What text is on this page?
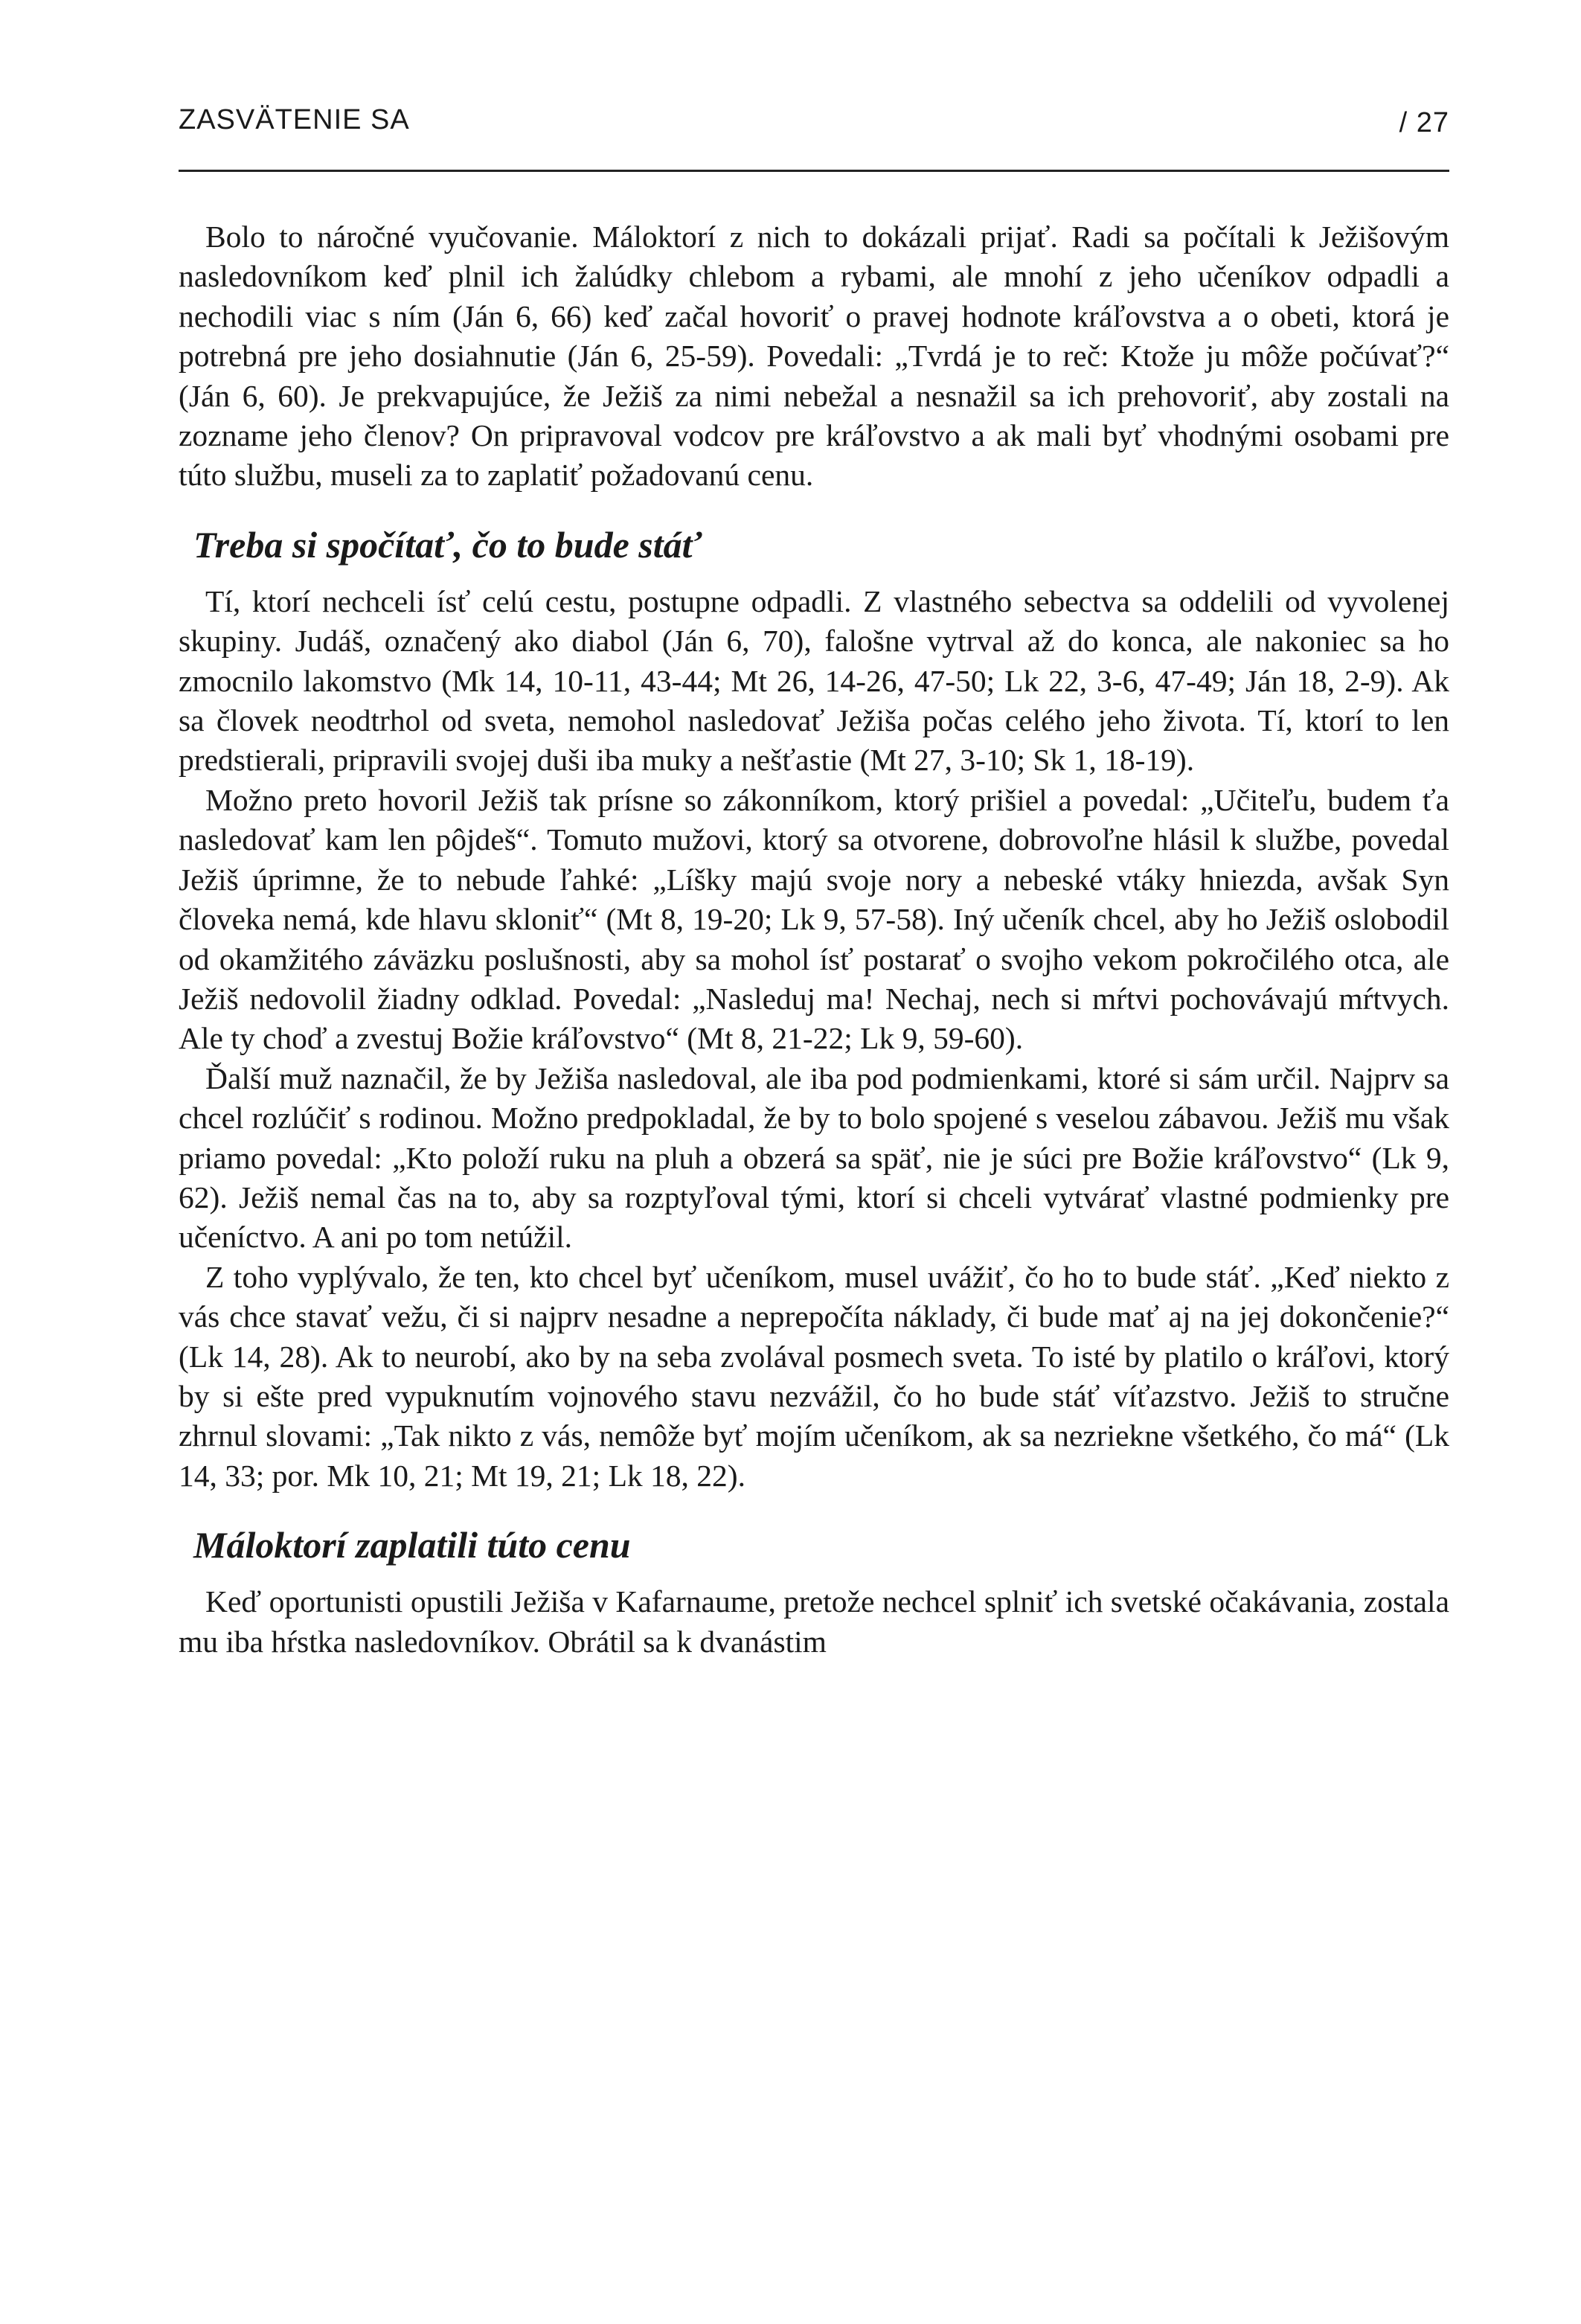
ZASVÄTENIE SA	/ 27

Bolo to náročné vyučovanie. Máloktorí z nich to dokázali prijať. Radi sa počítali k Ježišovým nasledovníkom keď plnil ich žalúdky chlebom a rybami, ale mnohí z jeho učeníkov odpadli a nechodili viac s ním (Ján 6, 66) keď začal hovoriť o pravej hodnote kráľovstva a o obeti, ktorá je potrebná pre jeho dosiahnutie (Ján 6, 25-59). Povedali: „Tvrdá je to reč: Ktože ju môže počúvať?“ (Ján 6, 60). Je prekvapujúce, že Ježiš za nimi nebežal a nesnažil sa ich prehovoriť, aby zostali na zozname jeho členov? On pripravoval vodcov pre kráľovstvo a ak mali byť vhodnými osobami pre túto službu, museli za to zaplatiť požadovanú cenu.

Treba si spočítať, čo to bude stáť

Tí, ktorí nechceli ísť celú cestu, postupne odpadli. Z vlastného sebectva sa oddelili od vyvolenej skupiny. Judáš, označený ako diabol (Ján 6, 70), falošne vytrval až do konca, ale nakoniec sa ho zmocnilo lakomstvo (Mk 14, 10-11, 43-44; Mt 26, 14-26, 47-50; Lk 22, 3-6, 47-49; Ján 18, 2-9). Ak sa človek neodtrhol od sveta, nemohol nasledovať Ježiša počas celého jeho života. Tí, ktorí to len predstierali, pripravili svojej duši iba muky a nešťastie (Mt 27, 3-10; Sk 1, 18-19).

Možno preto hovoril Ježiš tak prísne so zákonníkom, ktorý prišiel a povedal: „Učiteľu, budem ťa nasledovať kam len pôjdeš“. Tomuto mužovi, ktorý sa otvorene, dobrovoľne hlásil k službe, povedal Ježiš úprimne, že to nebude ľahké: „Líšky majú svoje nory a nebeské vtáky hniezda, avšak Syn človeka nemá, kde hlavu skloniť“ (Mt 8, 19-20; Lk 9, 57-58). Iný učeník chcel, aby ho Ježiš oslobodil od okamžitého záväzku poslušnosti, aby sa mohol ísť postarať o svojho vekom pokročilého otca, ale Ježiš nedovolil žiadny odklad. Povedal: „Nasleduj ma! Nechaj, nech si mŕtvi pochovávajú mŕtvych. Ale ty choď a zvestuj Božie kráľovstvo“ (Mt 8, 21-22; Lk 9, 59-60).

Ďalší muž naznačil, že by Ježiša nasledoval, ale iba pod podmienkami, ktoré si sám určil. Najprv sa chcel rozlúčiť s rodinou. Možno predpokladal, že by to bolo spojené s veselou zábavou. Ježiš mu však priamo povedal: „Kto položí ruku na pluh a obzerá sa späť, nie je súci pre Božie kráľovstvo“ (Lk 9, 62). Ježiš nemal čas na to, aby sa rozptyľoval tými, ktorí si chceli vytvárať vlastné podmienky pre učeníctvo. A ani po tom netúžil.

Z toho vyplývalo, že ten, kto chcel byť učeníkom, musel uvážiť, čo ho to bude stáť. „Keď niekto z vás chce stavať vežu, či si najprv nesadne a neprepočíta náklady, či bude mať aj na jej dokončenie?“ (Lk 14, 28). Ak to neurobí, ako by na seba zvolával posmech sveta. To isté by platilo o kráľovi, ktorý by si ešte pred vypuknutím vojnového stavu nezvážil, čo ho bude stáť víťazstvo. Ježiš to stručne zhrnul slovami: „Tak nikto z vás, nemôže byť mojím učeníkom, ak sa nezriekne všetkého, čo má“ (Lk 14, 33; por. Mk 10, 21; Mt 19, 21; Lk 18, 22).

Máloktorí zaplatili túto cenu

Keď oportunisti opustili Ježiša v Kafarnaume, pretože nechcel splniť ich svetské očakávania, zostala mu iba hŕstka nasledovníkov. Obrátil sa k dvanástim
